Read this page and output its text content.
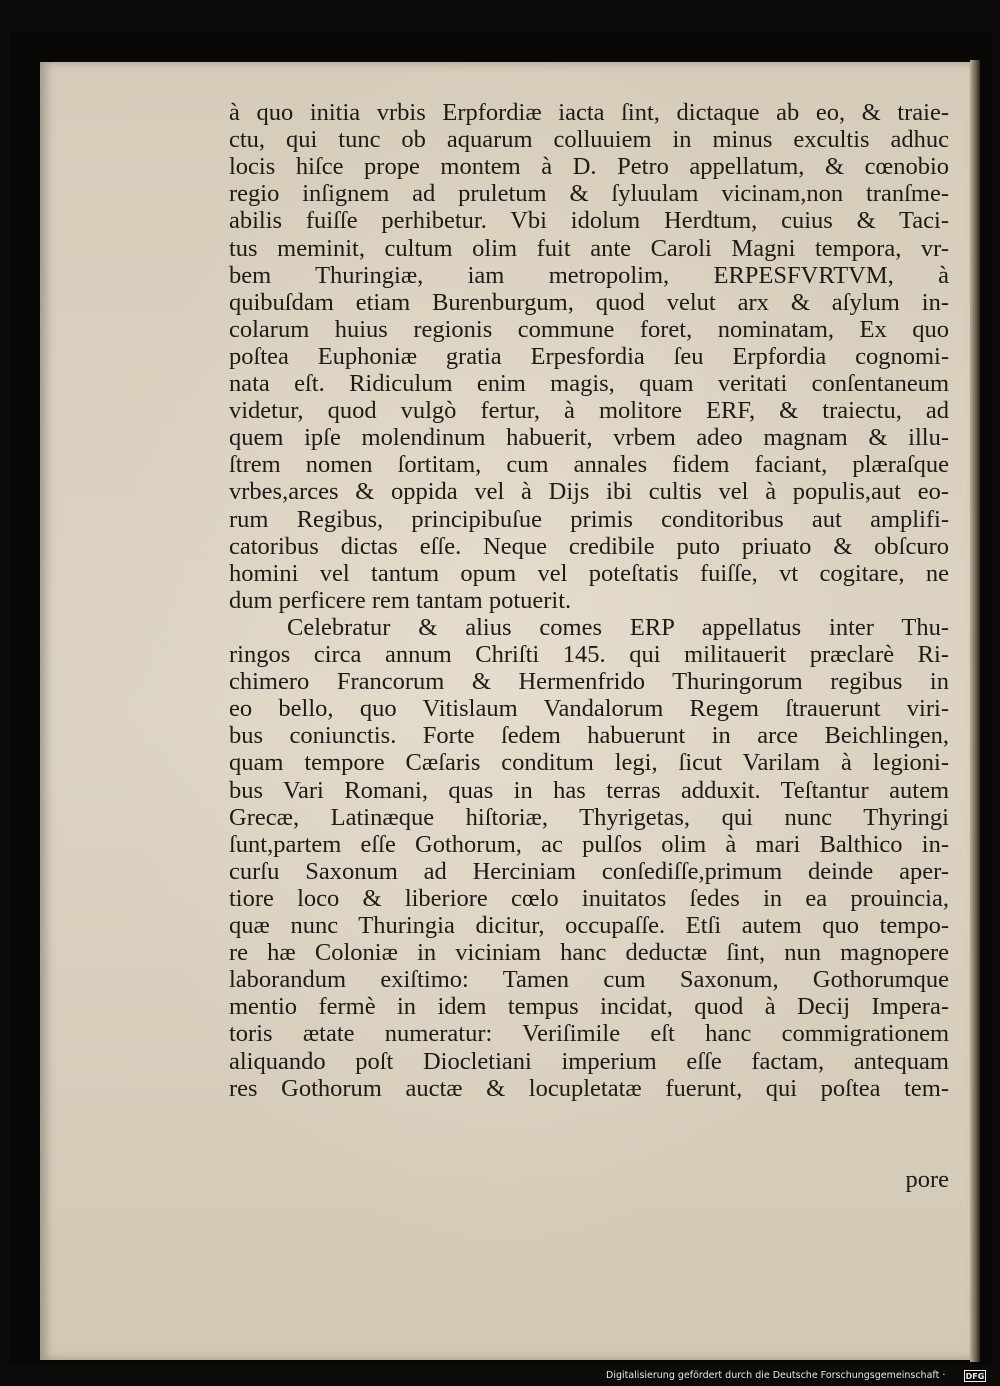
à quo initia vrbis Erpfordiæ iacta ſint, dictaque ab eo, & traie-
ctu, qui tunc ob aquarum colluuiem in minus excultis adhuc
locis hiſce prope montem à D. Petro appellatum, & cœnobio
regio inſignem ad pruletum & ſyluulam vicinam,non tranſme-
abilis fuiſſe perhibetur. Vbi idolum Herdtum, cuius & Taci-
tus meminit, cultum olim fuit ante Caroli Magni tempora, vr-
bem Thuringiæ, iam metropolim, ERPESFVRTVM, à
quibuſdam etiam Burenburgum, quod velut arx & aſylum in-
colarum huius regionis commune foret, nominatam, Ex quo
poſtea Euphoniæ gratia Erpesfordia ſeu Erpfordia cognomi-
nata eſt. Ridiculum enim magis, quam veritati conſentaneum
videtur, quod vulgò fertur, à molitore ERF, & traiectu, ad
quem ipſe molendinum habuerit, vrbem adeo magnam & illu-
ſtrem nomen ſortitam, cum annales fidem faciant, plæraſque
vrbes,arces & oppida vel à Dijs ibi cultis vel à populis,aut eo-
rum Regibus, principibuſue primis conditoribus aut amplifi-
catoribus dictas eſſe. Neque credibile puto priuato & obſcuro
homini vel tantum opum vel poteſtatis fuiſſe, vt cogitare, ne
dum perficere rem tantam potuerit.
Celebratur & alius comes ERP appellatus inter Thu-
ringos circa annum Chriſti 145. qui militauerit præclarè Ri-
chimero Francorum & Hermenfrido Thuringorum regibus in
eo bello, quo Vitislaum Vandalorum Regem ſtrauerunt viri-
bus coniunctis. Forte ſedem habuerunt in arce Beichlingen,
quam tempore Cæſaris conditum legi, ſicut Varilam à legioni-
bus Vari Romani, quas in has terras adduxit. Teſtantur autem
Grecæ, Latinæque hiſtoriæ, Thyrigetas, qui nunc Thyringi
ſunt,partem eſſe Gothorum, ac pulſos olim à mari Balthico in-
curſu Saxonum ad Herciniam conſediſſe,primum deinde aper-
tiore loco & liberiore cœlo inuitatos ſedes in ea prouincia,
quæ nunc Thuringia dicitur, occupaſſe. Etſi autem quo tempo-
re hæ Coloniæ in viciniam hanc deductæ ſint, nun magnopere
laborandum exiſtimo: Tamen cum Saxonum, Gothorumque
mentio fermè in idem tempus incidat, quod à Decij Impera-
toris ætate numeratur: Veriſimile eſt hanc commigrationem
aliquando poſt Diocletiani imperium eſſe factam, antequam
res Gothorum auctæ & locupletatæ fuerunt, qui poſtea tem-
pore
Digitalisierung gefördert durch die Deutsche Forschungsgemeinschaft ·	DFG
